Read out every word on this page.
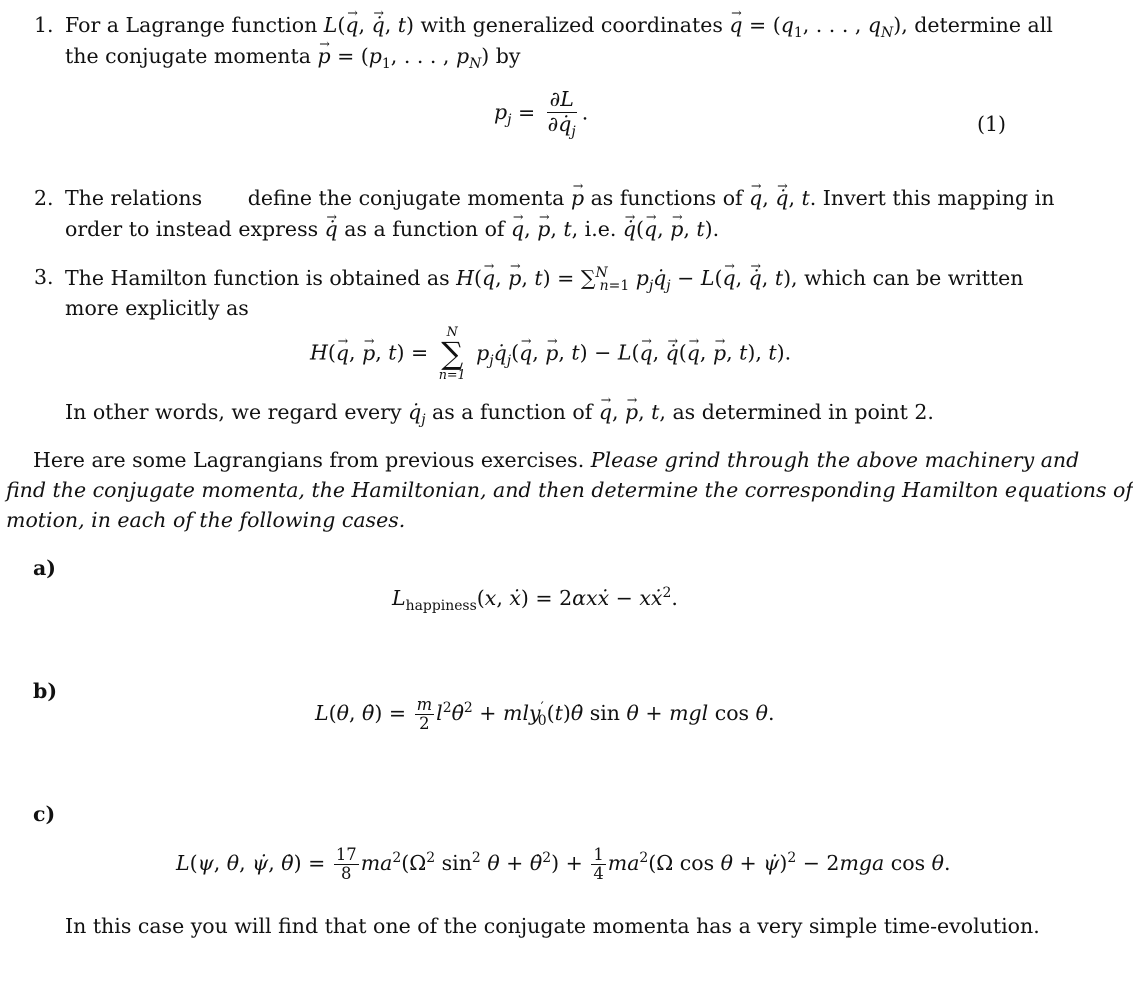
1. For a Lagrange function L(→ q, → q̇, t) with generalized coordinates → $q = (q_1$, . . . , $q_N$), determine all
the conjugate momenta → $p = (p_1$, . . . , $p_N$) by
$p_j = \frac{\partial L}{\partial q̇_j}$ .	(1)
2. The relations       define the conjugate momenta → p as functions of → q, → q̇, t. Invert this mapping in
order to instead express → q̇ as a function of → q, → p, t, i.e. → q̇(→ q, → p, t).
3. The Hamilton function is obtained as H(→ q, → p, t) = ∑$^N_{n=1}$ $p_jq̇_j - L(\to q$, → q̇, t), which can be written
more explicitly as
H(→ q, → p, t) =
N
∑
n=1
$p_jq̇_j(\to q$, → p, t) − L(→ q, → q̇(→ q, → p, t), t).
In other words, we regard every $q̇_j$ as a function of → q, → p, t, as determined in point 2.
Here are some Lagrangians from previous exercises. Please grind through the above machinery and
find the conjugate momenta, the Hamiltonian, and then determine the corresponding Hamilton equations of
motion, in each of the following cases.
a)
$L_{happiness}(x$, ẋ) = 2αxẋ − xẋ$^2$.
b)
L(θ, θ̇) = $\frac{m}{2}$ $l^2\thetȧ^2$ + mly′$_0$(t)θ̇ sin θ + mgl cos θ.
c)
L(ψ, θ, ψ̇, θ̇) = $\frac{17}{8} ma^2(\Omega^2$ $\sin^2 \theta$ + θ̇$^2$) + $\frac{1}{4} ma^2(\Omega$ cos θ + ψ̇)$^2$ − 2mga cos θ.
In this case you will find that one of the conjugate momenta has a very simple time-evolution.
